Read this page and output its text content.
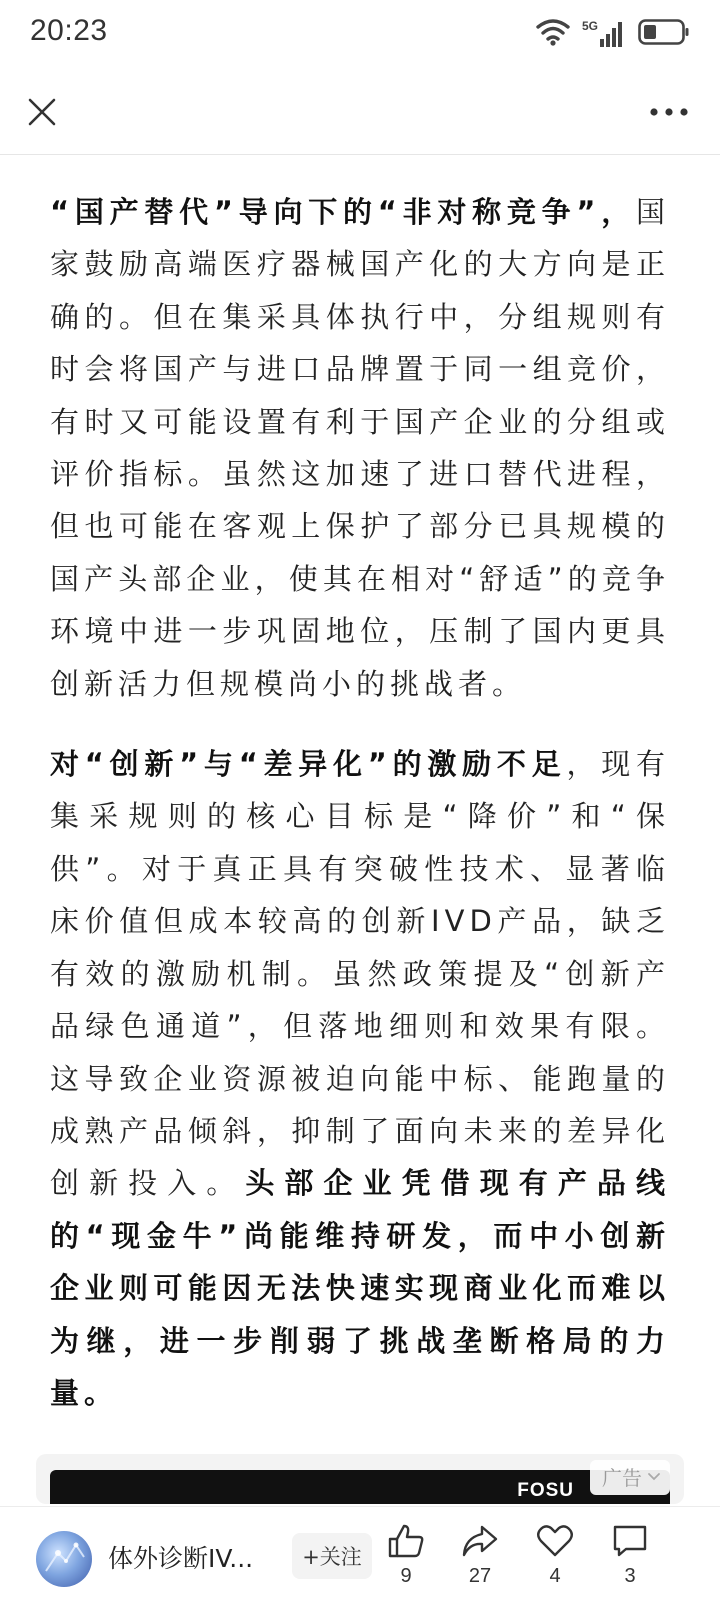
20:23	5G

“国产替代”导向下的“非对称竞争”，国家鼓励高端医疗器械国产化的大方向是正确的。但在集采具体执行中，分组规则有时会将国产与进口品牌置于同一组竞价，有时又可能设置有利于国产企业的分组或评价指标。虽然这加速了进口替代进程，但也可能在客观上保护了部分已具规模的国产头部企业，使其在相对“舒适”的竞争环境中进一步巩固地位，压制了国内更具创新活力但规模尚小的挑战者。

对“创新”与“差异化”的激励不足，现有集采规则的核心目标是“降价”和“保供”。对于真正具有突破性技术、显著临床价值但成本较高的创新IVD产品，缺乏有效的激励机制。虽然政策提及“创新产品绿色通道”，但落地细则和效果有限。这导致企业资源被迫向能中标、能跑量的成熟产品倾斜，抑制了面向未来的差异化创新投入。头部企业凭借现有产品线的“现金牛”尚能维持研发，而中小创新企业则可能因无法快速实现商业化而难以为继，进一步削弱了挑战垄断格局的力量。

FOSU
广告
体外诊断IV...	+关注
9	27	4	3
